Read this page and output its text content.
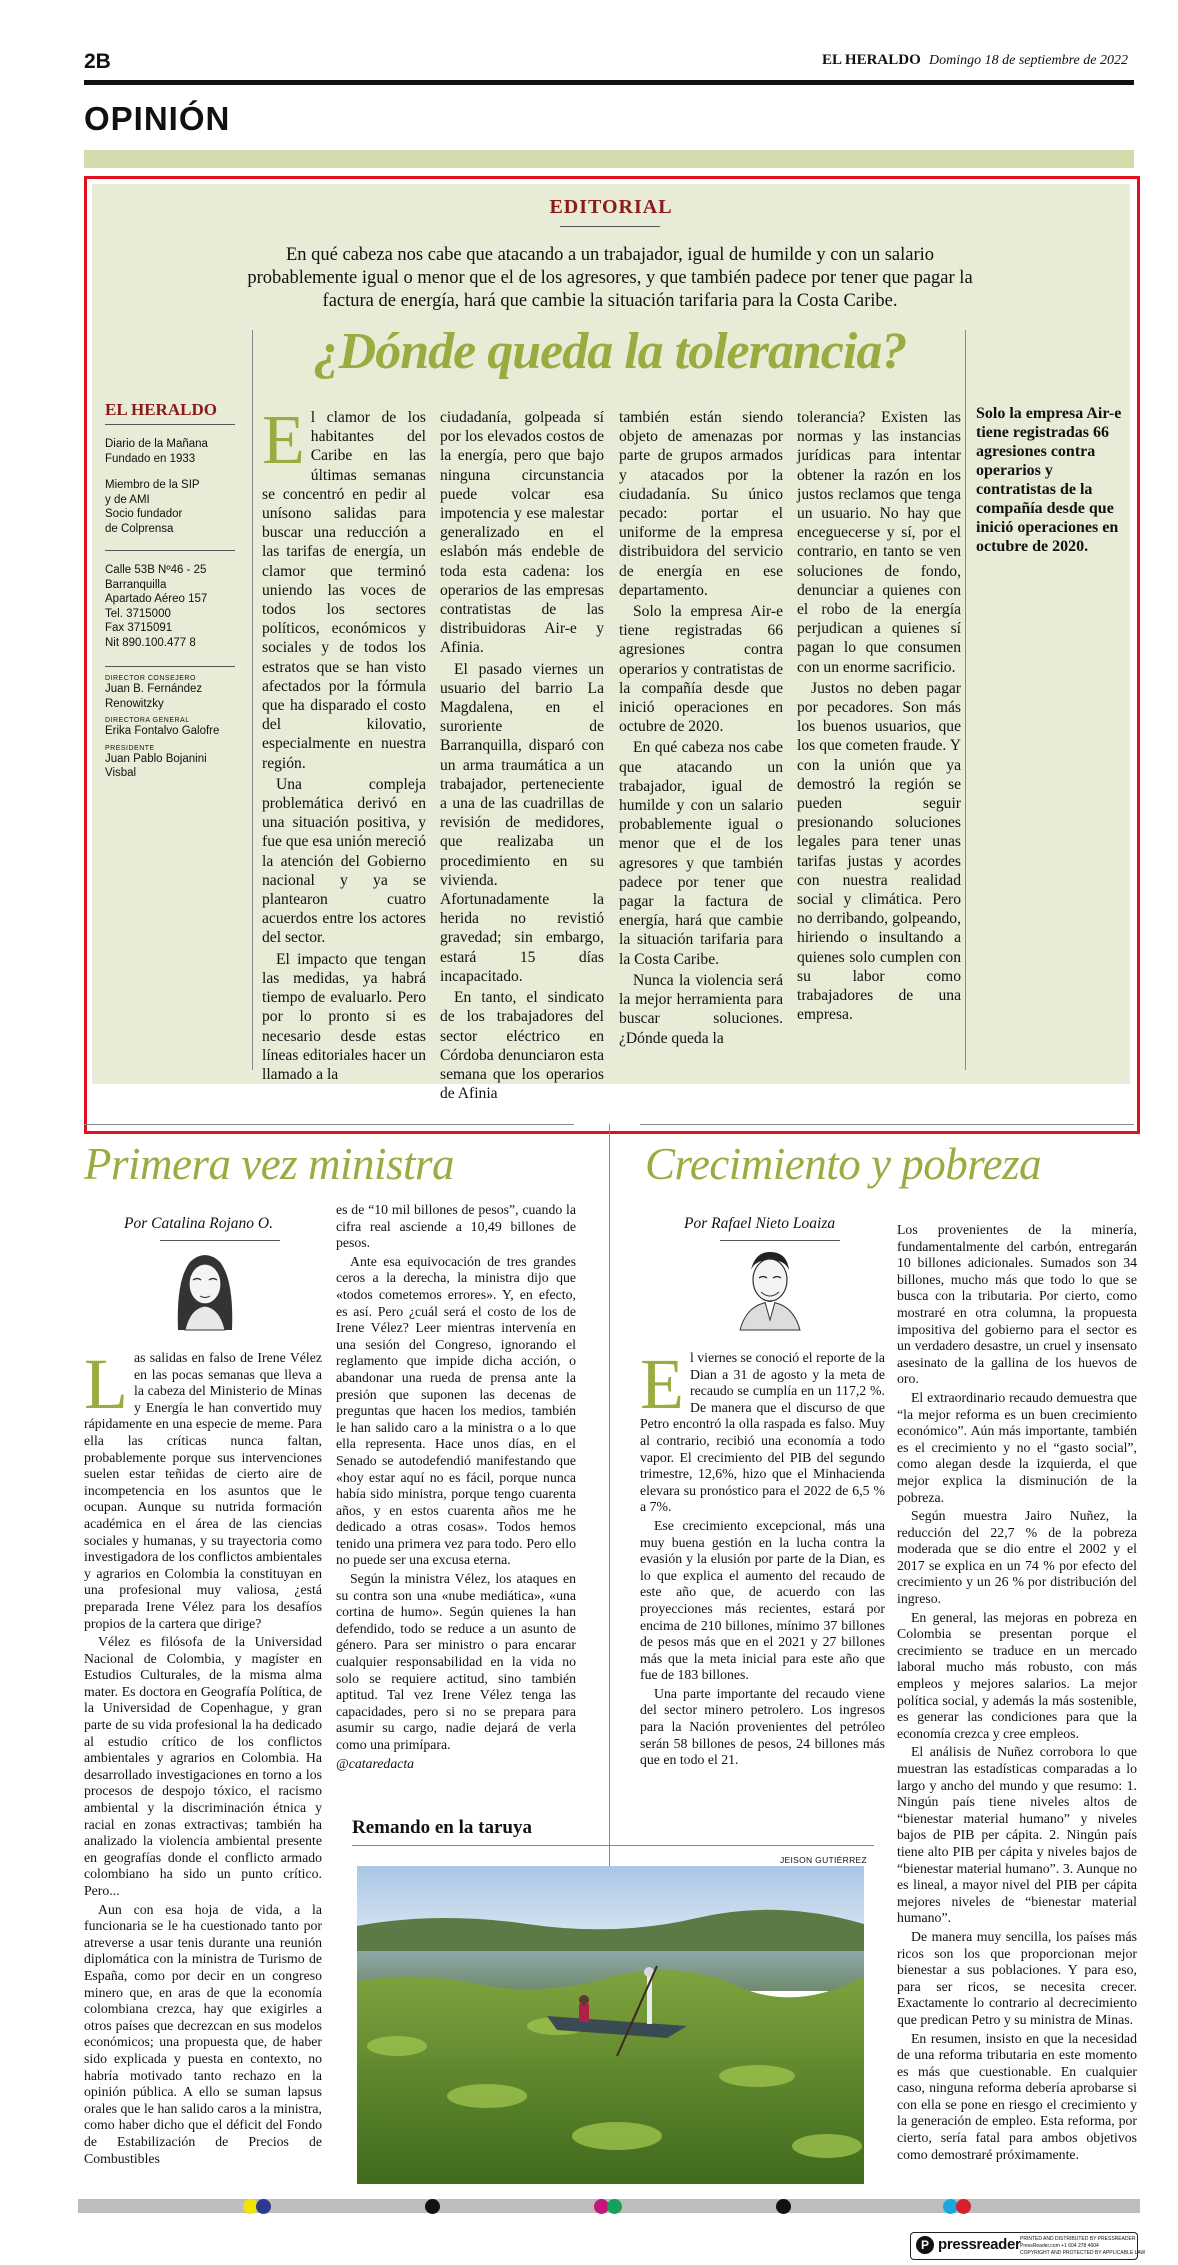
2B	EL HERALDO Domingo 18 de septiembre de 2022
OPINIÓN
EDITORIAL
En qué cabeza nos cabe que atacando a un trabajador, igual de humilde y con un salario probablemente igual o menor que el de los agresores, y que también padece por tener que pagar la factura de energía, hará que cambie la situación tarifaria para la Costa Caribe.
¿Dónde queda la tolerancia?
EL HERALDO
Diario de la Mañana
Fundado en 1933
Miembro de la SIP
y de AMI
Socio fundador
de Colprensa
Calle 53B Nº46 - 25
Barranquilla
Apartado Aéreo 157
Tel. 3715000
Fax 3715091
Nit 890.100.477 8
DIRECTOR CONSEJERO
Juan B. Fernández
Renowitzky
DIRECTORA GENERAL
Erika Fontalvo Galofre
PRESIDENTE
Juan Pablo Bojanini
Visbal
E l clamor de los habitantes del Caribe en las últimas semanas se concentró en pedir al unísono salidas para buscar una reducción a las tarifas de energía, un clamor que terminó uniendo las voces de todos los sectores políticos, económicos y sociales y de todos los estratos que se han visto afectados por la fórmula que ha disparado el costo del kilovatio, especialmente en nuestra región.

Una compleja problemática derivó en una situación positiva, y fue que esa unión mereció la atención del Gobierno nacional y ya se plantearon cuatro acuerdos entre los actores del sector.

El impacto que tengan las medidas, ya habrá tiempo de evaluarlo. Pero por lo pronto si es necesario desde estas líneas editoriales hacer un llamado a la

ciudadanía, golpeada sí por los elevados costos de la energía, pero que bajo ninguna circunstancia puede volcar esa impotencia y ese malestar generalizado en el eslabón más endeble de toda esta cadena: los operarios de las empresas contratistas de las distribuidoras Air-e y Afinia.

El pasado viernes un usuario del barrio La Magdalena, en el suroriente de Barranquilla, disparó con un arma traumática a un trabajador, perteneciente a una de las cuadrillas de revisión de medidores, que realizaba un procedimiento en su vivienda. Afortunadamente la herida no revistió gravedad; sin embargo, estará 15 días incapacitado.

En tanto, el sindicato de los trabajadores del sector eléctrico en Córdoba denunciaron esta semana que los operarios de Afinia

también están siendo objeto de amenazas por parte de grupos armados y atacados por la ciudadanía. Su único pecado: portar el uniforme de la empresa distribuidora del servicio de energía en ese departamento.

Solo la empresa Air-e tiene registradas 66 agresiones contra operarios y contratistas de la compañía desde que inició operaciones en octubre de 2020.

En qué cabeza nos cabe que atacando un trabajador, igual de humilde y con un salario probablemente igual o menor que el de los agresores y que también padece por tener que pagar la factura de energía, hará que cambie la situación tarifaria para la Costa Caribe.

Nunca la violencia será la mejor herramienta para buscar soluciones. ¿Dónde queda la

tolerancia? Existen las normas y las instancias jurídicas para intentar obtener la razón en los justos reclamos que tenga un usuario. No hay que enceguecerse y sí, por el contrario, en tanto se ven soluciones de fondo, denunciar a quienes con el robo de la energía perjudican a quienes sí pagan lo que consumen con un enorme sacrificio.

Justos no deben pagar por pecadores. Son más los buenos usuarios, que los que cometen fraude. Y con la unión que ya demostró la región se pueden seguir presionando soluciones legales para tener unas tarifas justas y acordes con nuestra realidad social y climática. Pero no derribando, golpeando, hiriendo o insultando a quienes solo cumplen con su labor como trabajadores de una empresa.

Solo la empresa Air-e tiene registradas 66 agresiones contra operarios y contratistas de la compañía desde que inició operaciones en octubre de 2020.
Primera vez ministra
Por Catalina Rojano O.
L as salidas en falso de Irene Vélez en las pocas semanas que lleva a la cabeza del Ministerio de Minas y Energía le han convertido muy rápidamente en una especie de meme. Para ella las críticas nunca faltan, probablemente porque sus intervenciones suelen estar teñidas de cierto aire de incompetencia en los asuntos que le ocupan. Aunque su nutrida formación académica en el área de las ciencias sociales y humanas, y su trayectoria como investigadora de los conflictos ambientales y agrarios en Colombia la constituyan en una profesional muy valiosa, ¿está preparada Irene Vélez para los desafíos propios de la cartera que dirige?

Vélez es filósofa de la Universidad Nacional de Colombia, y magíster en Estudios Culturales, de la misma alma mater. Es doctora en Geografía Política, de la Universidad de Copenhague, y gran parte de su vida profesional la ha dedicado al estudio crítico de los conflictos ambientales y agrarios en Colombia. Ha desarrollado investigaciones en torno a los procesos de despojo tóxico, el racismo ambiental y la discriminación étnica y racial en zonas extractivas; también ha analizado la violencia ambiental presente en geografías donde el conflicto armado colombiano ha sido un punto crítico. Pero...

Aun con esa hoja de vida, a la funcionaria se le ha cuestionado tanto por atreverse a usar tenis durante una reunión diplomática con la ministra de Turismo de España, como por decir en un congreso minero que, en aras de que la economía colombiana crezca, hay que exigirles a otros países que decrezcan en sus modelos económicos; una propuesta que, de haber sido explicada y puesta en contexto, no habría motivado tanto rechazo en la opinión pública. A ello se suman lapsus orales que le han salido caros a la ministra, como haber dicho que el déficit del Fondo de Estabilización de Precios de Combustibles

es de “10 mil billones de pesos”, cuando la cifra real asciende a 10,49 billones de pesos.

Ante esa equivocación de tres grandes ceros a la derecha, la ministra dijo que «todos cometemos errores». Y, en efecto, es así. Pero ¿cuál será el costo de los de Irene Vélez? Leer mientras intervenía en una sesión del Congreso, ignorando el reglamento que impide dicha acción, o abandonar una rueda de prensa ante la presión que suponen las decenas de preguntas que hacen los medios, también le han salido caro a la ministra o a lo que ella representa. Hace unos días, en el Senado se autodefendió manifestando que «hoy estar aquí no es fácil, porque nunca había sido ministra, porque tengo cuarenta años, y en estos cuarenta años me he dedicado a otras cosas». Todos hemos tenido una primera vez para todo. Pero ello no puede ser una excusa eterna.

Según la ministra Vélez, los ataques en su contra son una «nube mediática», «una cortina de humo». Según quienes la han defendido, todo se reduce a un asunto de género. Para ser ministro o para encarar cualquier responsabilidad en la vida no solo se requiere actitud, sino también aptitud. Tal vez Irene Vélez tenga las capacidades, pero si no se prepara para asumir su cargo, nadie dejará de verla como una primípara.

@cataredacta

Crecimiento y pobreza
Por Rafael Nieto Loaiza
E l viernes se conoció el reporte de la Dian a 31 de agosto y la meta de recaudo se cumplía en un 117,2 %. De manera que el discurso de que Petro encontró la olla raspada es falso. Muy al contrario, recibió una economía a todo vapor. El crecimiento del PIB del segundo trimestre, 12,6%, hizo que el Minhacienda elevara su pronóstico para el 2022 de 6,5 % a 7%.

Ese crecimiento excepcional, más una muy buena gestión en la lucha contra la evasión y la elusión por parte de la Dian, es lo que explica el aumento del recaudo de este año que, de acuerdo con las proyecciones más recientes, estará por encima de 210 billones, mínimo 37 billones de pesos más que en el 2021 y 27 billones más que la meta inicial para este año que fue de 183 billones.

Una parte importante del recaudo viene del sector minero petrolero. Los ingresos para la Nación provenientes del petróleo serán 58 billones de pesos, 24 billones más que en todo el 21.

Los provenientes de la minería, fundamentalmente del carbón, entregarán 10 billones adicionales. Sumados son 34 billones, mucho más que todo lo que se busca con la tributaria. Por cierto, como mostraré en otra columna, la propuesta impositiva del gobierno para el sector es un verdadero desastre, un cruel y insensato asesinato de la gallina de los huevos de oro.

El extraordinario recaudo demuestra que “la mejor reforma es un buen crecimiento económico”. Aún más importante, también es el crecimiento y no el “gasto social”, como alegan desde la izquierda, el que mejor explica la disminución de la pobreza.

Según muestra Jairo Nuñez, la reducción del 22,7 % de la pobreza moderada que se dio entre el 2002 y el 2017 se explica en un 74 % por efecto del crecimiento y un 26 % por distribución del ingreso.

En general, las mejoras en pobreza en Colombia se presentan porque el crecimiento se traduce en un mercado laboral mucho más robusto, con más empleos y mejores salarios. La mejor política social, y además la más sostenible, es generar las condiciones para que la economía crezca y cree empleos.

El análisis de Nuñez corrobora lo que muestran las estadísticas comparadas a lo largo y ancho del mundo y que resumo: 1. Ningún país tiene niveles altos de “bienestar material humano” y niveles bajos de PIB per cápita. 2. Ningún país tiene alto PIB per cápita y niveles bajos de “bienestar material humano”. 3. Aunque no es lineal, a mayor nivel del PIB per cápita mejores niveles de “bienestar material humano”.

De manera muy sencilla, los países más ricos son los que proporcionan mejor bienestar a sus poblaciones. Y para eso, para ser ricos, se necesita crecer. Exactamente lo contrario al decrecimiento que predican Petro y su ministra de Minas.

En resumen, insisto en que la necesidad de una reforma tributaria en este momento es más que cuestionable. En cualquier caso, ninguna reforma debería aprobarse si con ella se pone en riesgo el crecimiento y la generación de empleo. Esta reforma, por cierto, sería fatal para ambos objetivos como demostraré próximamente.

Remando en la taruya
JEISON GUTIÉRREZ
P pressreader PRINTED AND DISTRIBUTED BY PRESSREADER
PressReader.com +1 604 278 4604
COPYRIGHT AND PROTECTED BY APPLICABLE LAW
